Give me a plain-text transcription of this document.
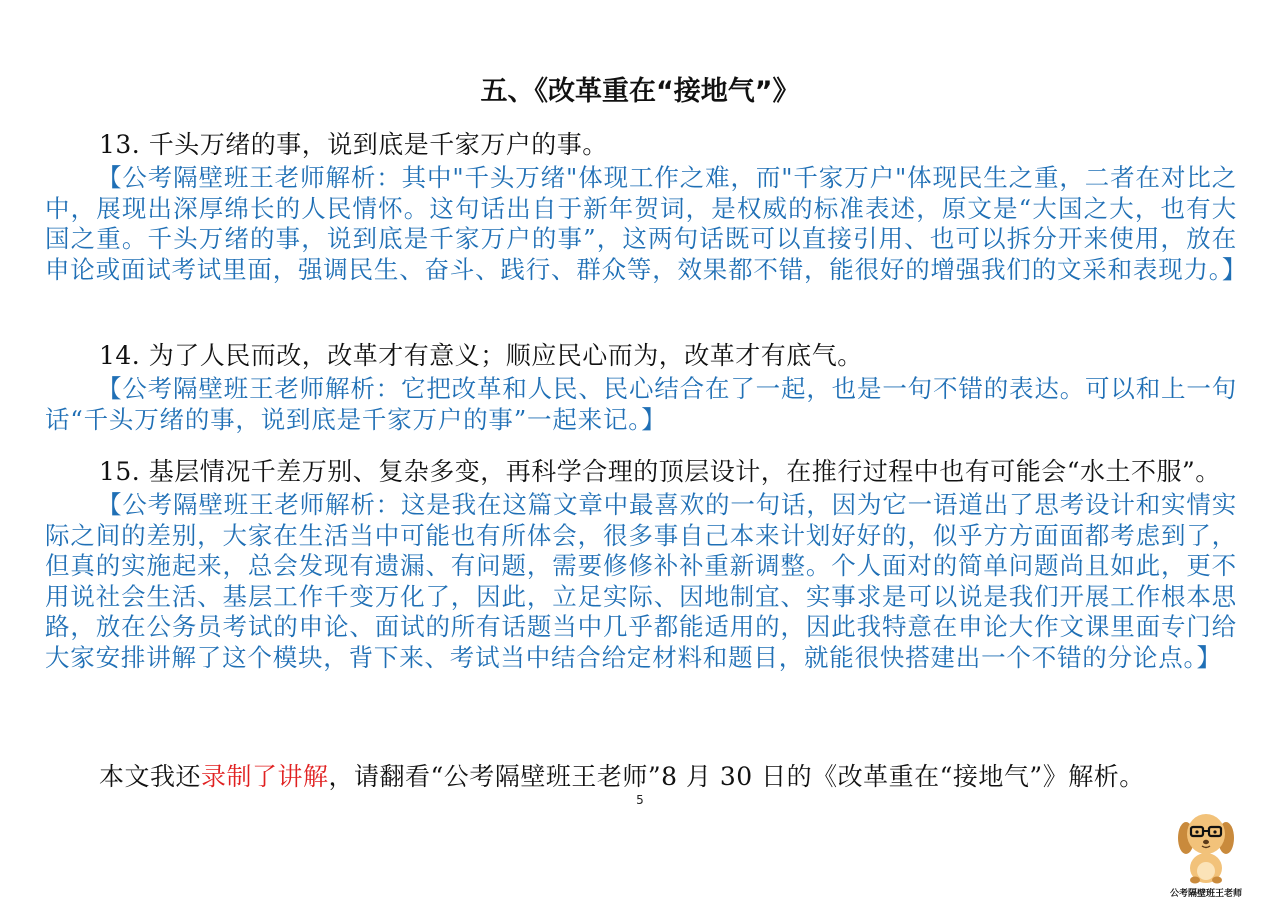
五、《改革重在“接地气”》
13. 千头万绪的事，说到底是千家万户的事。
【公考隔壁班王老师解析：其中"千头万绪"体现工作之难，而"千家万户"体现民生之重，二者在对比之中，展现出深厚绵长的人民情怀。这句话出自于新年贺词，是权威的标准表述，原文是“大国之大，也有大国之重。千头万绪的事，说到底是千家万户的事”，这两句话既可以直接引用、也可以拆分开来使用，放在申论或面试考试里面，强调民生、奋斗、践行、群众等，效果都不错，能很好的增强我们的文采和表现力。】
14. 为了人民而改，改革才有意义；顺应民心而为，改革才有底气。
【公考隔壁班王老师解析：它把改革和人民、民心结合在了一起，也是一句不错的表达。可以和上一句话“千头万绪的事，说到底是千家万户的事”一起来记。】
15. 基层情况千差万别、复杂多变，再科学合理的顶层设计，在推行过程中也有可能会“水土不服”。
【公考隔壁班王老师解析：这是我在这篇文章中最喜欢的一句话，因为它一语道出了思考设计和实情实际之间的差别，大家在生活当中可能也有所体会，很多事自己本来计划好好的，似乎方方面面都考虑到了，但真的实施起来，总会发现有遗漏、有问题，需要修修补补重新调整。个人面对的简单问题尚且如此，更不用说社会生活、基层工作千变万化了，因此，立足实际、因地制宜、实事求是可以说是我们开展工作根本思路，放在公务员考试的申论、面试的所有话题当中几乎都能适用的，因此我特意在申论大作文课里面专门给大家安排讲解了这个模块，背下来、考试当中结合给定材料和题目，就能很快搭建出一个不错的分论点。】
本文我还录制了讲解，请翻看“公考隔壁班王老师”8 月 30 日的《改革重在“接地气”》解析。
5
公考隔壁班王老师
